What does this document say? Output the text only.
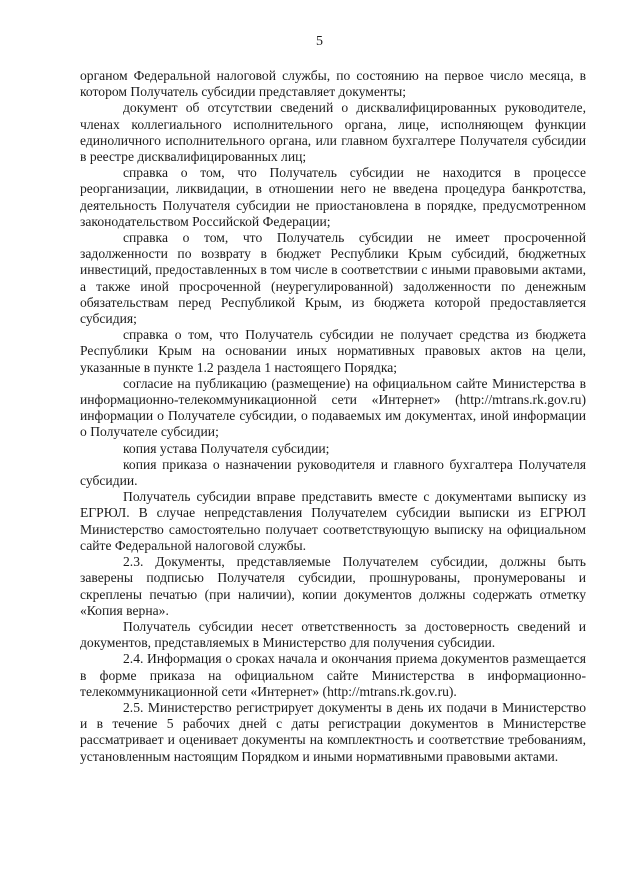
5

органом Федеральной налоговой службы, по состоянию на первое число месяца, в котором Получатель субсидии представляет документы;

документ об отсутствии сведений о дисквалифицированных руководителе, членах коллегиального исполнительного органа, лице, исполняющем функции единоличного исполнительного органа, или главном бухгалтере Получателя субсидии в реестре дисквалифицированных лиц;

справка о том, что Получатель субсидии не находится в процессе реорганизации, ликвидации, в отношении него не введена процедура банкротства, деятельность Получателя субсидии не приостановлена в порядке, предусмотренном законодательством Российской Федерации;

справка о том, что Получатель субсидии не имеет просроченной задолженности по возврату в бюджет Республики Крым субсидий, бюджетных инвестиций, предоставленных в том числе в соответствии с иными правовыми актами, а также иной просроченной (неурегулированной) задолженности по денежным обязательствам перед Республикой Крым, из бюджета которой предоставляется субсидия;

справка о том, что Получатель субсидии не получает средства из бюджета Республики Крым на основании иных нормативных правовых актов на цели, указанные в пункте 1.2 раздела 1 настоящего Порядка;

согласие на публикацию (размещение) на официальном сайте Министерства в информационно-телекоммуникационной сети «Интернет» (http://mtrans.rk.gov.ru) информации о Получателе субсидии, о подаваемых им документах, иной информации о Получателе субсидии;

копия устава Получателя субсидии;

копия приказа о назначении руководителя и главного бухгалтера Получателя субсидии.

Получатель субсидии вправе представить вместе с документами выписку из ЕГРЮЛ. В случае непредставления Получателем субсидии выписки из ЕГРЮЛ Министерство самостоятельно получает соответствующую выписку на официальном сайте Федеральной налоговой службы.

2.3. Документы, представляемые Получателем субсидии, должны быть заверены подписью Получателя субсидии, прошнурованы, пронумерованы и скреплены печатью (при наличии), копии документов должны содержать отметку «Копия верна».

Получатель субсидии несет ответственность за достоверность сведений и документов, представляемых в Министерство для получения субсидии.

2.4. Информация о сроках начала и окончания приема документов размещается в форме приказа на официальном сайте Министерства в информационно-телекоммуникационной сети «Интернет» (http://mtrans.rk.gov.ru).

2.5. Министерство регистрирует документы в день их подачи в Министерство и в течение 5 рабочих дней с даты регистрации документов в Министерстве рассматривает и оценивает документы на комплектность и соответствие требованиям, установленным настоящим Порядком и иными нормативными правовыми актами.
